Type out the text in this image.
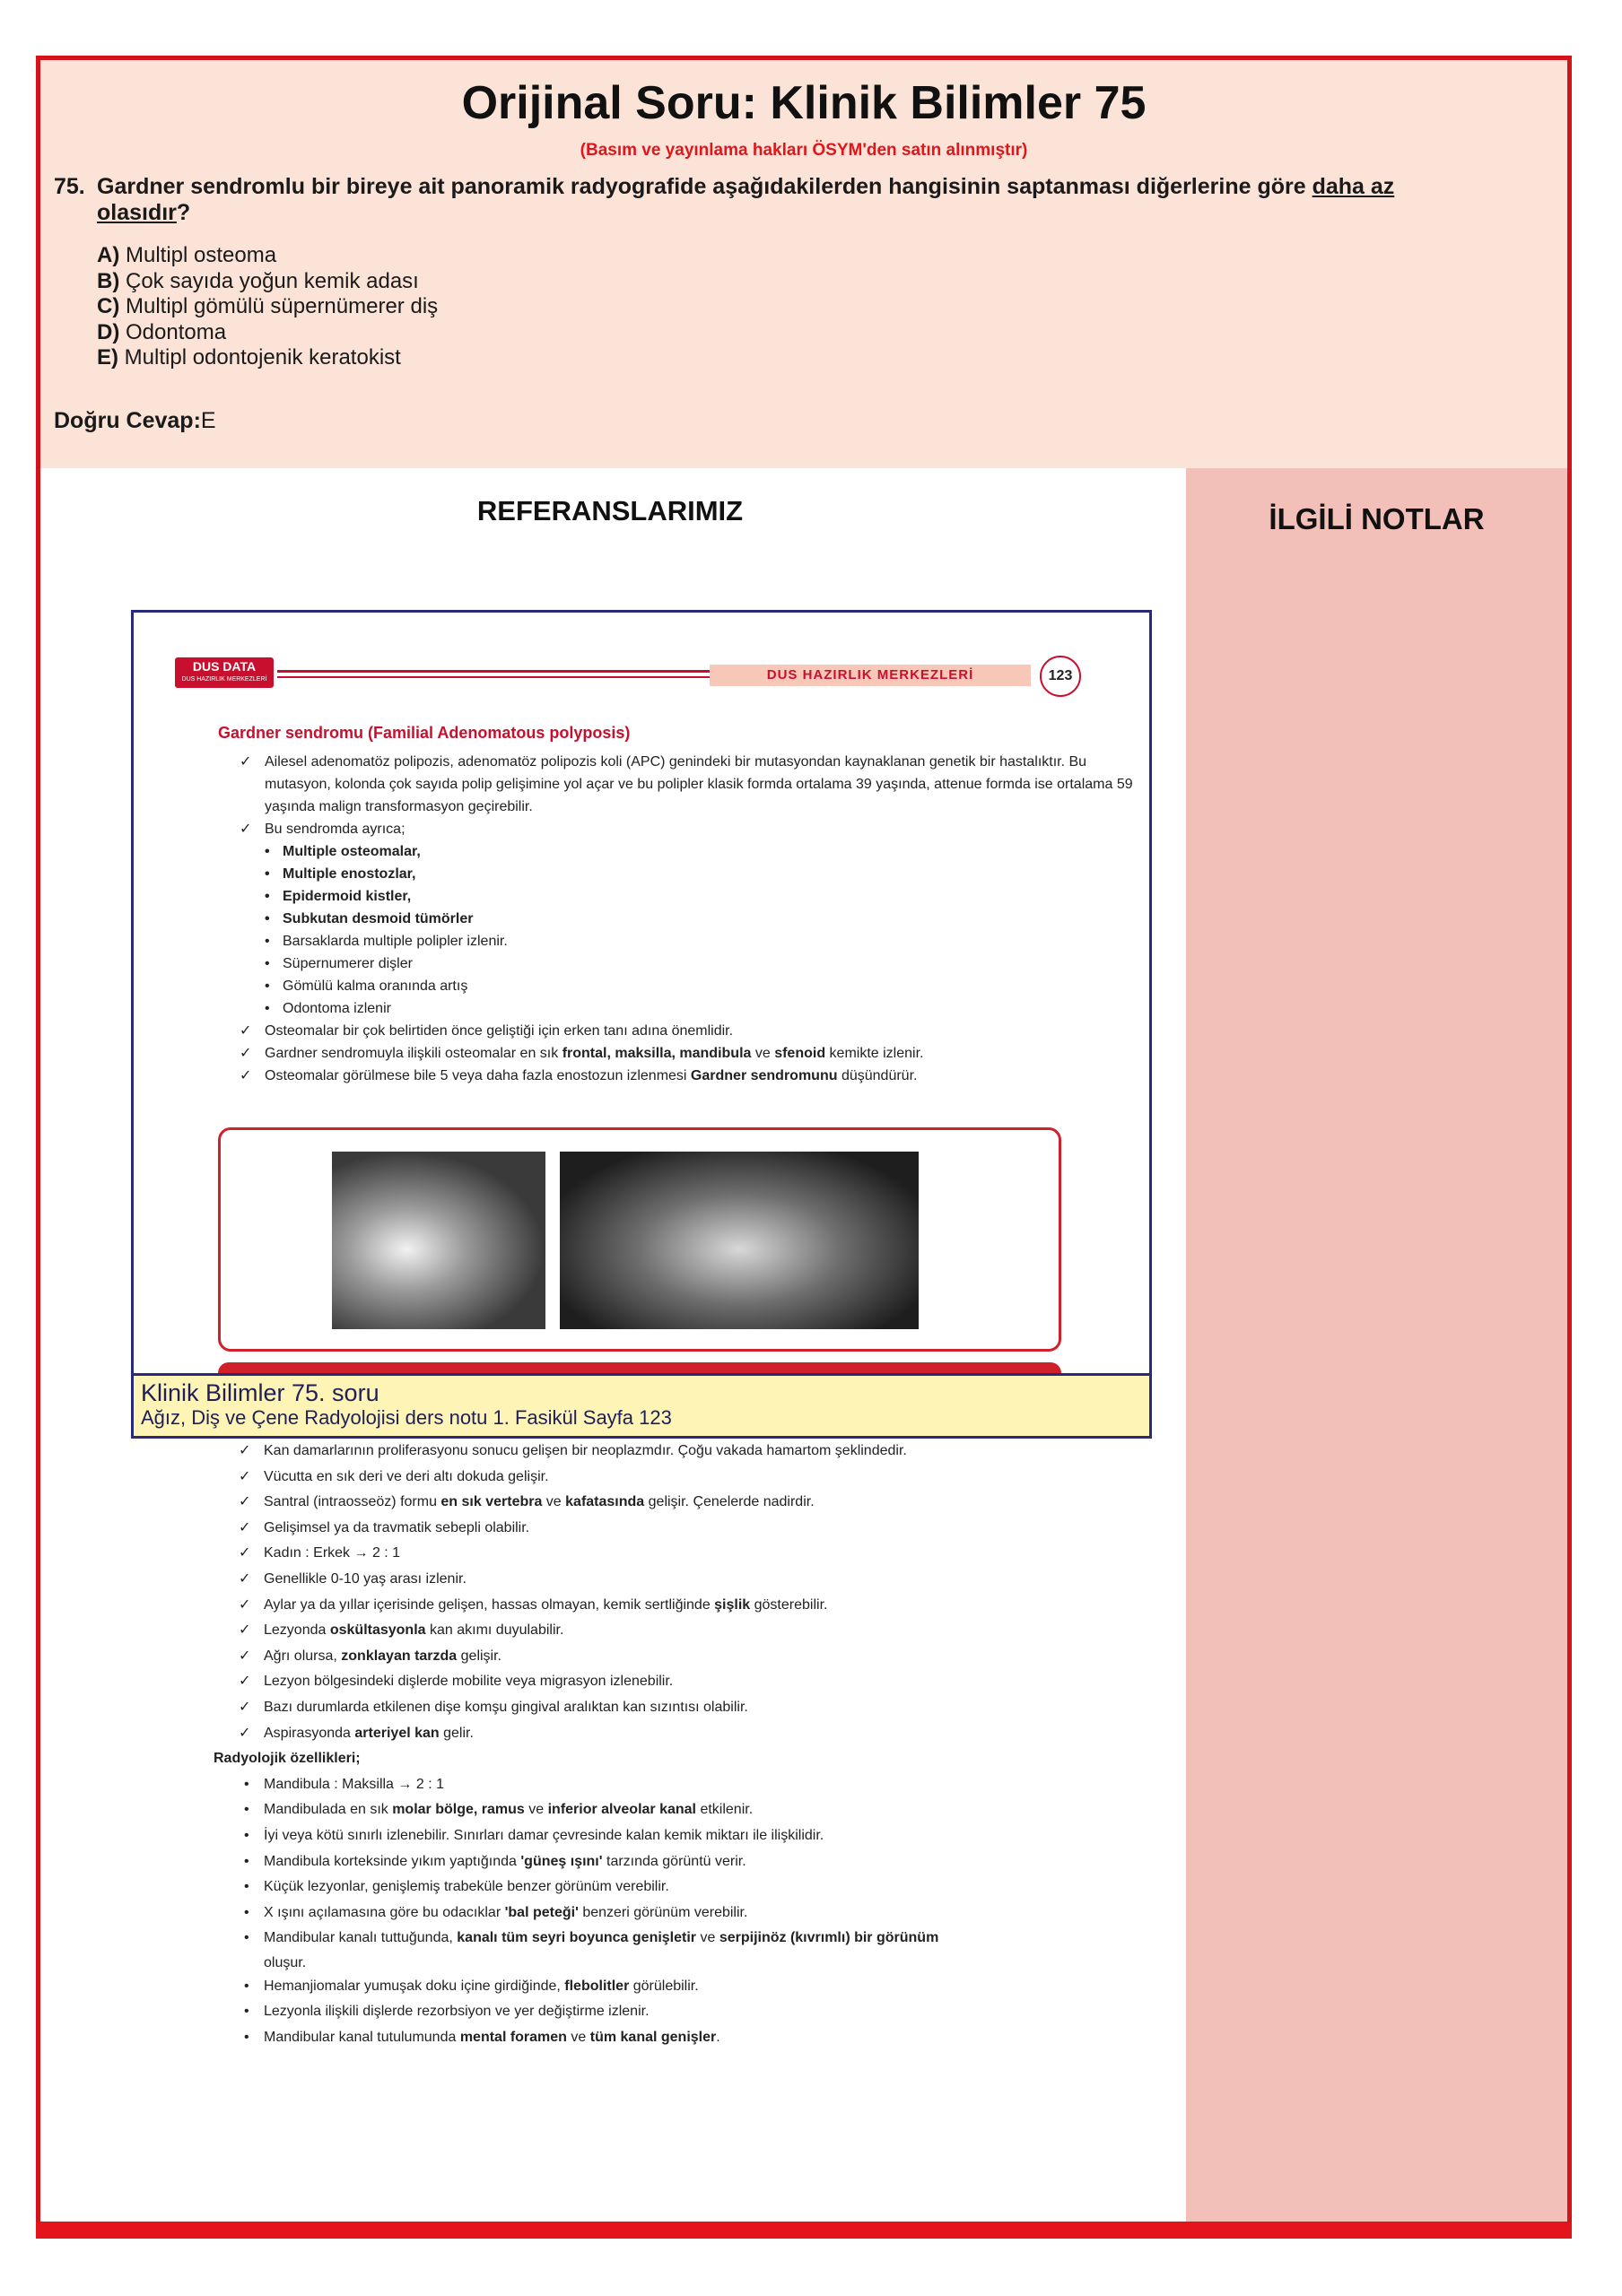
Orijinal Soru: Klinik Bilimler 75
(Basım ve yayınlama hakları ÖSYM'den satın alınmıştır)
75. Gardner sendromlu bir bireye ait panoramik radyografide aşağıdakilerden hangisinin saptanması diğerlerine göre daha az olasıdır?
A) Multipl osteoma
B) Çok sayıda yoğun kemik adası
C) Multipl gömülü süpernümerer diş
D) Odontoma
E) Multipl odontojenik keratokist
Doğru Cevap:E
İLGİLİ NOTLAR
REFERANSLARIMIZ
DUS DATA
DUS HAZIRLIK MERKEZLERİ	DUS HAZIRLIK MERKEZLERİ	123
Gardner sendromu (Familial Adenomatous polyposis)
✓ Ailesel adenomatöz polipozis, adenomatöz polipozis koli (APC) genindeki bir mutasyondan kaynaklanan genetik bir hastalıktır. Bu mutasyon, kolonda çok sayıda polip gelişimine yol açar ve bu polipler klasik formda ortalama 39 yaşında, attenue formda ise ortalama 59 yaşında malign transformasyon geçirebilir.
✓ Bu sendromda ayrıca;
• Multiple osteomalar,
• Multiple enostozlar,
• Epidermoid kistler,
• Subkutan desmoid tümörler
• Barsaklarda multiple polipler izlenir.
• Süpernumerer dişler
• Gömülü kalma oranında artış
• Odontoma izlenir
✓ Osteomalar bir çok belirtiden önce geliştiği için erken tanı adına önemlidir.
✓ Gardner sendromuyla ilişkili osteomalar en sık frontal, maksilla, mandibula ve sfenoid kemikte izlenir.
✓ Osteomalar görülmese bile 5 veya daha fazla enostozun izlenmesi Gardner sendromunu düşündürür.
Klinik Bilimler 75. soru
Ağız, Diş ve Çene Radyolojisi ders notu 1. Fasikül Sayfa 123
✓ Kan damarlarının proliferasyonu sonucu gelişen bir neoplazmdır. Çoğu vakada hamartom şeklindedir.
✓ Vücutta en sık deri ve deri altı dokuda gelişir.
✓ Santral (intraosseöz) formu en sık vertebra ve kafatasında gelişir. Çenelerde nadirdir.
✓ Gelişimsel ya da travmatik sebepli olabilir.
✓ Kadın : Erkek → 2 : 1
✓ Genellikle 0-10 yaş arası izlenir.
✓ Aylar ya da yıllar içerisinde gelişen, hassas olmayan, kemik sertliğinde şişlik gösterebilir.
✓ Lezyonda oskültasyonla kan akımı duyulabilir.
✓ Ağrı olursa, zonklayan tarzda gelişir.
✓ Lezyon bölgesindeki dişlerde mobilite veya migrasyon izlenebilir.
✓ Bazı durumlarda etkilenen dişe komşu gingival aralıktan kan sızıntısı olabilir.
✓ Aspirasyonda arteriyel kan gelir.
Radyolojik özellikleri;
• Mandibula : Maksilla → 2 : 1
• Mandibulada en sık molar bölge, ramus ve inferior alveolar kanal etkilenir.
• İyi veya kötü sınırlı izlenebilir. Sınırları damar çevresinde kalan kemik miktarı ile ilişkilidir.
• Mandibula korteksinde yıkım yaptığında 'güneş ışını' tarzında görüntü verir.
• Küçük lezyonlar, genişlemiş trabeküle benzer görünüm verebilir.
• X ışını açılamasına göre bu odacıklar 'bal peteği' benzeri görünüm verebilir.
• Mandibular kanalı tuttuğunda, kanalı tüm seyri boyunca genişletir ve serpijinöz (kıvrımlı) bir görünüm
oluşur.
• Hemanjiomalar yumuşak doku içine girdiğinde, flebolitler görülebilir.
• Lezyonla ilişkili dişlerde rezorbsiyon ve yer değiştirme izlenir.
• Mandibular kanal tutulumunda mental foramen ve tüm kanal genişler.
